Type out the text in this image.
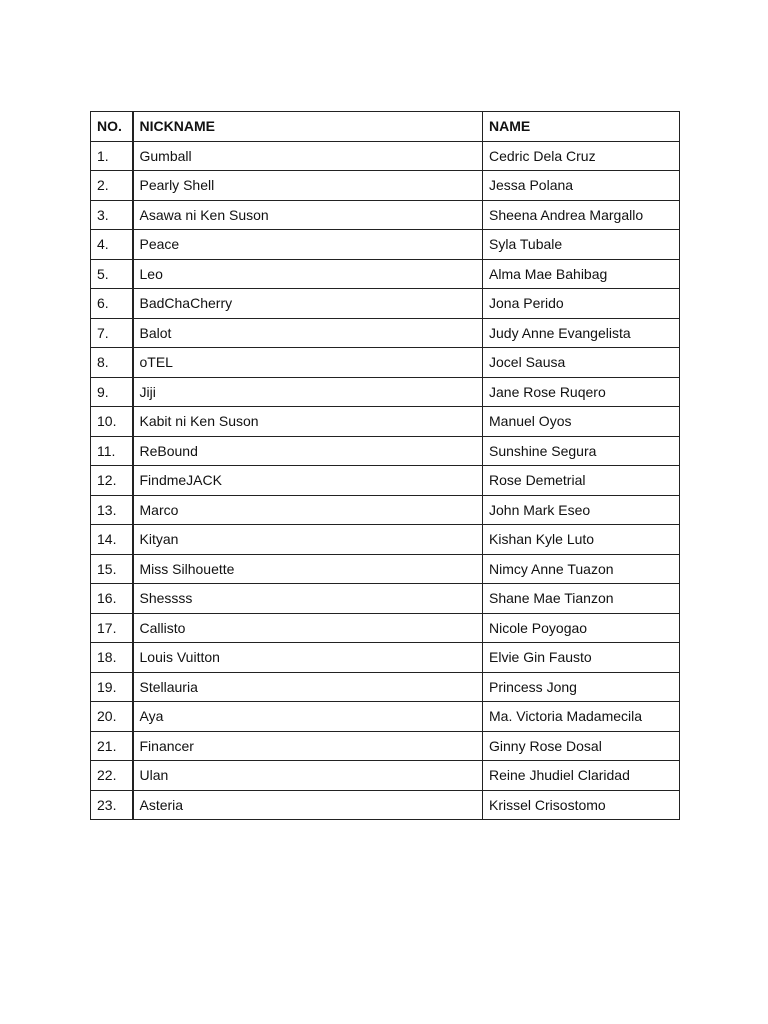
NO.	NICKNAME	NAME
1.	Gumball	Cedric Dela Cruz
2.	Pearly Shell	Jessa Polana
3.	Asawa ni Ken Suson	Sheena Andrea Margallo
4.	Peace	Syla Tubale
5.	Leo	Alma Mae Bahibag
6.	BadChaCherry	Jona Perido
7.	Balot	Judy Anne Evangelista
8.	oTEL	Jocel Sausa
9.	Jiji	Jane Rose Ruqero
10.	Kabit ni Ken Suson	Manuel Oyos
11.	ReBound	Sunshine Segura
12.	FindmeJACK	Rose Demetrial
13.	Marco	John Mark Eseo
14.	Kityan	Kishan Kyle Luto
15.	Miss Silhouette	Nimcy Anne Tuazon
16.	Shessss	Shane Mae Tianzon
17.	Callisto	Nicole Poyogao
18.	Louis Vuitton	Elvie Gin Fausto
19.	Stellauria	Princess Jong
20.	Aya	Ma. Victoria Madamecila
21.	Financer	Ginny Rose Dosal
22.	Ulan	Reine Jhudiel Claridad
23.	Asteria	Krissel Crisostomo
